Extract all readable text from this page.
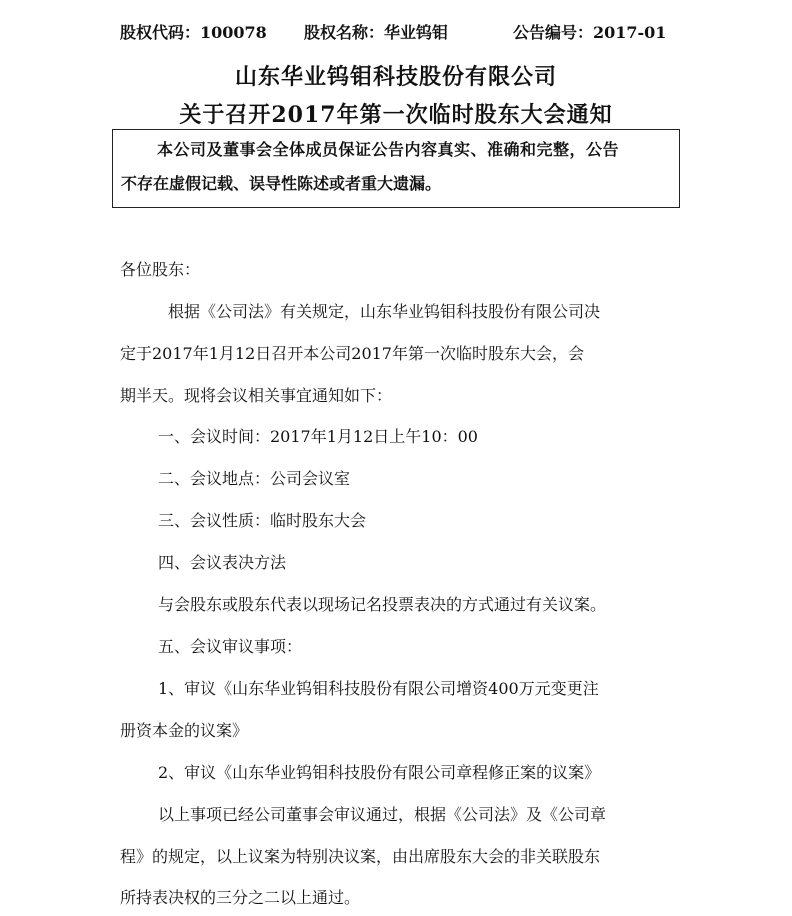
股权代码：100078 股权名称：华业钨钼	公告编号：2017-01
山东华业钨钼科技股份有限公司
关于召开2017年第一次临时股东大会通知
本公司及董事会全体成员保证公告内容真实、准确和完整，公告
不存在虚假记载、误导性陈述或者重大遗漏。
各位股东：
根据《公司法》有关规定，山东华业钨钼科技股份有限公司决
定于2017年1月12日召开本公司2017年第一次临时股东大会，会
期半天。现将会议相关事宜通知如下：
一、会议时间：2017年1月12日上午10：00
二、会议地点：公司会议室
三、会议性质：临时股东大会
四、会议表决方法
与会股东或股东代表以现场记名投票表决的方式通过有关议案。
五、会议审议事项：
1、审议《山东华业钨钼科技股份有限公司增资400万元变更注
册资本金的议案》
2、审议《山东华业钨钼科技股份有限公司章程修正案的议案》
以上事项已经公司董事会审议通过，根据《公司法》及《公司章
程》的规定，以上议案为特别决议案，由出席股东大会的非关联股东
所持表决权的三分之二以上通过。
